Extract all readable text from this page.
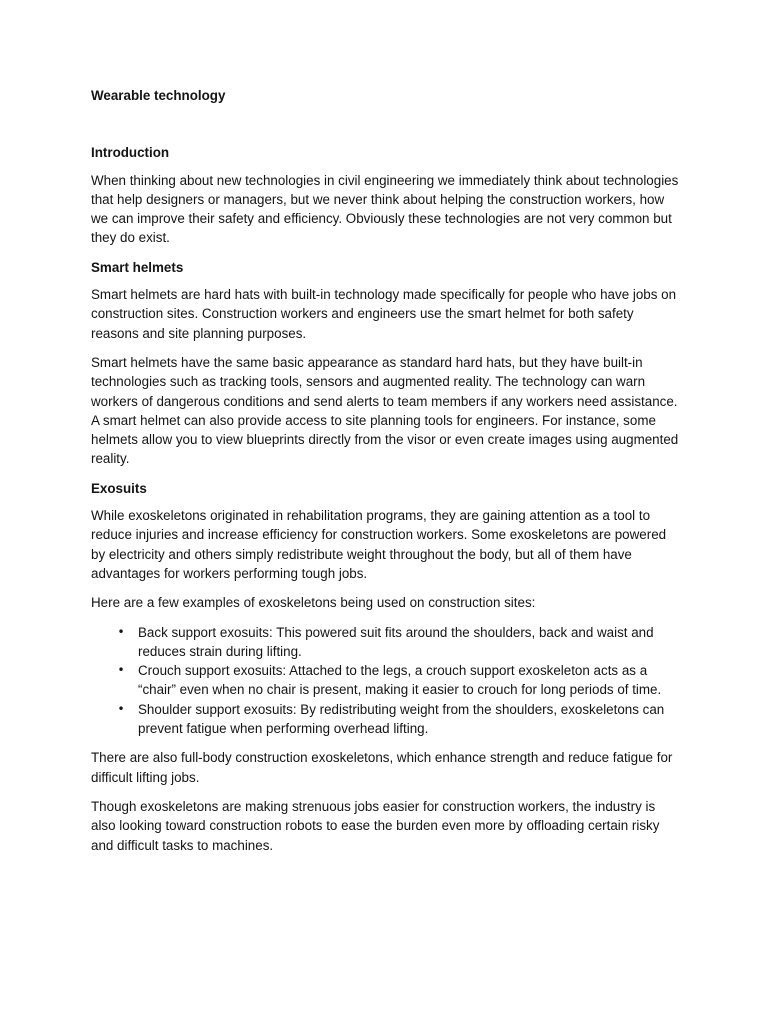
Wearable technology
Introduction

When thinking about new technologies in civil engineering we immediately think about technologies that help designers or managers, but we never think about helping the construction workers, how we can improve their safety and efficiency. Obviously these technologies are not very common but they do exist.

Smart helmets

Smart helmets are hard hats with built-in technology made specifically for people who have jobs on construction sites. Construction workers and engineers use the smart helmet for both safety reasons and site planning purposes.

Smart helmets have the same basic appearance as standard hard hats, but they have built-in technologies such as tracking tools, sensors and augmented reality. The technology can warn workers of dangerous conditions and send alerts to team members if any workers need assistance. A smart helmet can also provide access to site planning tools for engineers. For instance, some helmets allow you to view blueprints directly from the visor or even create images using augmented reality.

Exosuits

While exoskeletons originated in rehabilitation programs, they are gaining attention as a tool to reduce injuries and increase efficiency for construction workers. Some exoskeletons are powered by electricity and others simply redistribute weight throughout the body, but all of them have advantages for workers performing tough jobs.

Here are a few examples of exoskeletons being used on construction sites:

• Back support exosuits: This powered suit fits around the shoulders, back and waist and reduces strain during lifting.
• Crouch support exosuits: Attached to the legs, a crouch support exoskeleton acts as a “chair” even when no chair is present, making it easier to crouch for long periods of time.
• Shoulder support exosuits: By redistributing weight from the shoulders, exoskeletons can prevent fatigue when performing overhead lifting.

There are also full-body construction exoskeletons, which enhance strength and reduce fatigue for difficult lifting jobs.

Though exoskeletons are making strenuous jobs easier for construction workers, the industry is also looking toward construction robots to ease the burden even more by offloading certain risky and difficult tasks to machines.
